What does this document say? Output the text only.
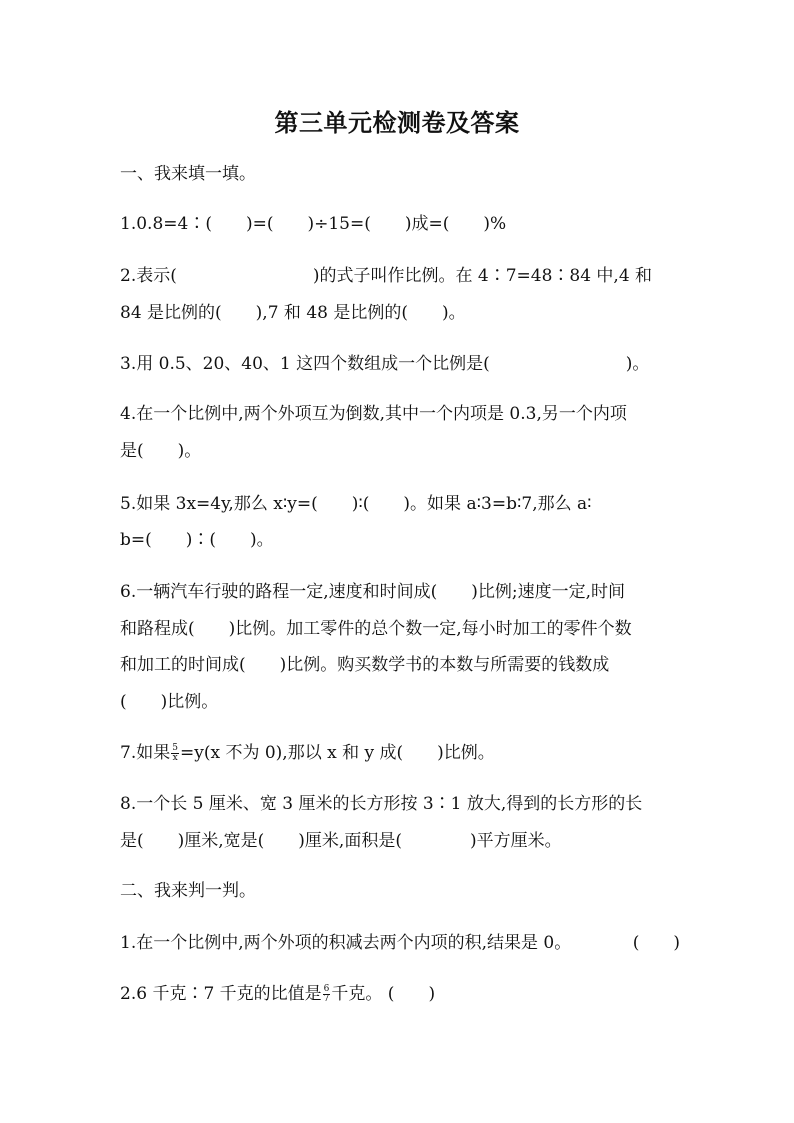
第三单元检测卷及答案
一、我来填一填。
1.0.8=4∶(　　)=(　　)÷15=(　　)成=(　　)%
2.表示(　　　　　　　　)的式子叫作比例。在 4∶7=48∶84 中,4 和
84 是比例的(　　),7 和 48 是比例的(　　)。
3.用 0.5、20、40、1 这四个数组成一个比例是(　　　　　　　　)。
4.在一个比例中,两个外项互为倒数,其中一个内项是 0.3,另一个内项
是(　　)。
5.如果 3x=4y,那么 x∶y=(　　)∶(　　)。如果 a∶3=b∶7,那么 a∶
b=(　　)∶(　　)。
6.一辆汽车行驶的路程一定,速度和时间成(　　)比例;速度一定,时间
和路程成(　　)比例。加工零件的总个数一定,每小时加工的零件个数
和加工的时间成(　　)比例。购买数学书的本数与所需要的钱数成
(　　)比例。
7.如果 $\frac{5}{x} =y(x$ 不为 0),那以 x 和 y 成(　　)比例。
8.一个长 5 厘米、宽 3 厘米的长方形按 3∶1 放大,得到的长方形的长
是(　　)厘米,宽是(　　)厘米,面积是(　　　　)平方厘米。
二、我来判一判。
1.在一个比例中,两个外项的积减去两个内项的积,结果是 0。	(　　)
2.6 千克∶7 千克的比值是 $\frac{6}{7}$ 千克。 (　　)
